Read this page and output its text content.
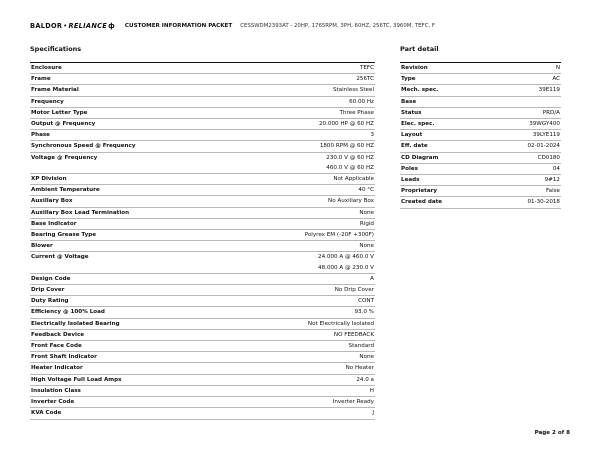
BALDOR•RELIANCE ф CUSTOMER INFORMATION PACKET CESSWDM2393AT - 20HP, 1765RPM, 3PH, 60HZ, 256TC, 3960M, TEFC, F
Specifications
Enclosure	TEFC

Frame	256TC

Frame Material	Stainless Steel

Frequency	60.00 Hz

Motor Letter Type	Three Phase

Output @ Frequency	20.000 HP @ 60 HZ

Phase	3

Synchronous Speed @ Frequency	1800 RPM @ 60 HZ

Voltage @ Frequency	230.0 V @ 60 HZ
460.0 V @ 60 HZ

XP Division	Not Applicable

Ambient Temperature	40 °C

Auxillary Box	No Auxillary Box

Auxillary Box Lead Termination	None

Base Indicator	Rigid

Bearing Grease Type	Polyrex EM (-20F +300F)

Blower	None

Current @ Voltage	24.000 A @ 460.0 V
48.000 A @ 230.0 V

Design Code	A

Drip Cover	No Drip Cover

Duty Rating	CONT

Efficiency @ 100% Load	93.0 %

Electrically Isolated Bearing	Not Electrically Isolated

Feedback Device	NO FEEDBACK

Front Face Code	Standard

Front Shaft Indicator	None

Heater Indicator	No Heater

High Voltage Full Load Amps	24.0 a

Insulation Class	H

Inverter Code	Inverter Ready

KVA Code	J
Part detail
Revision	N
Type	AC
Mech. spec.	39E119
Base	
Status	PRD/A
Elec. spec.	39WGY400
Layout	39LYE119
Eff. date	02-01-2024
CD Diagram	CD0180
Poles	04
Leads	9#12
Proprietary	False
Created date	01-30-2018
Page 2 of 8
